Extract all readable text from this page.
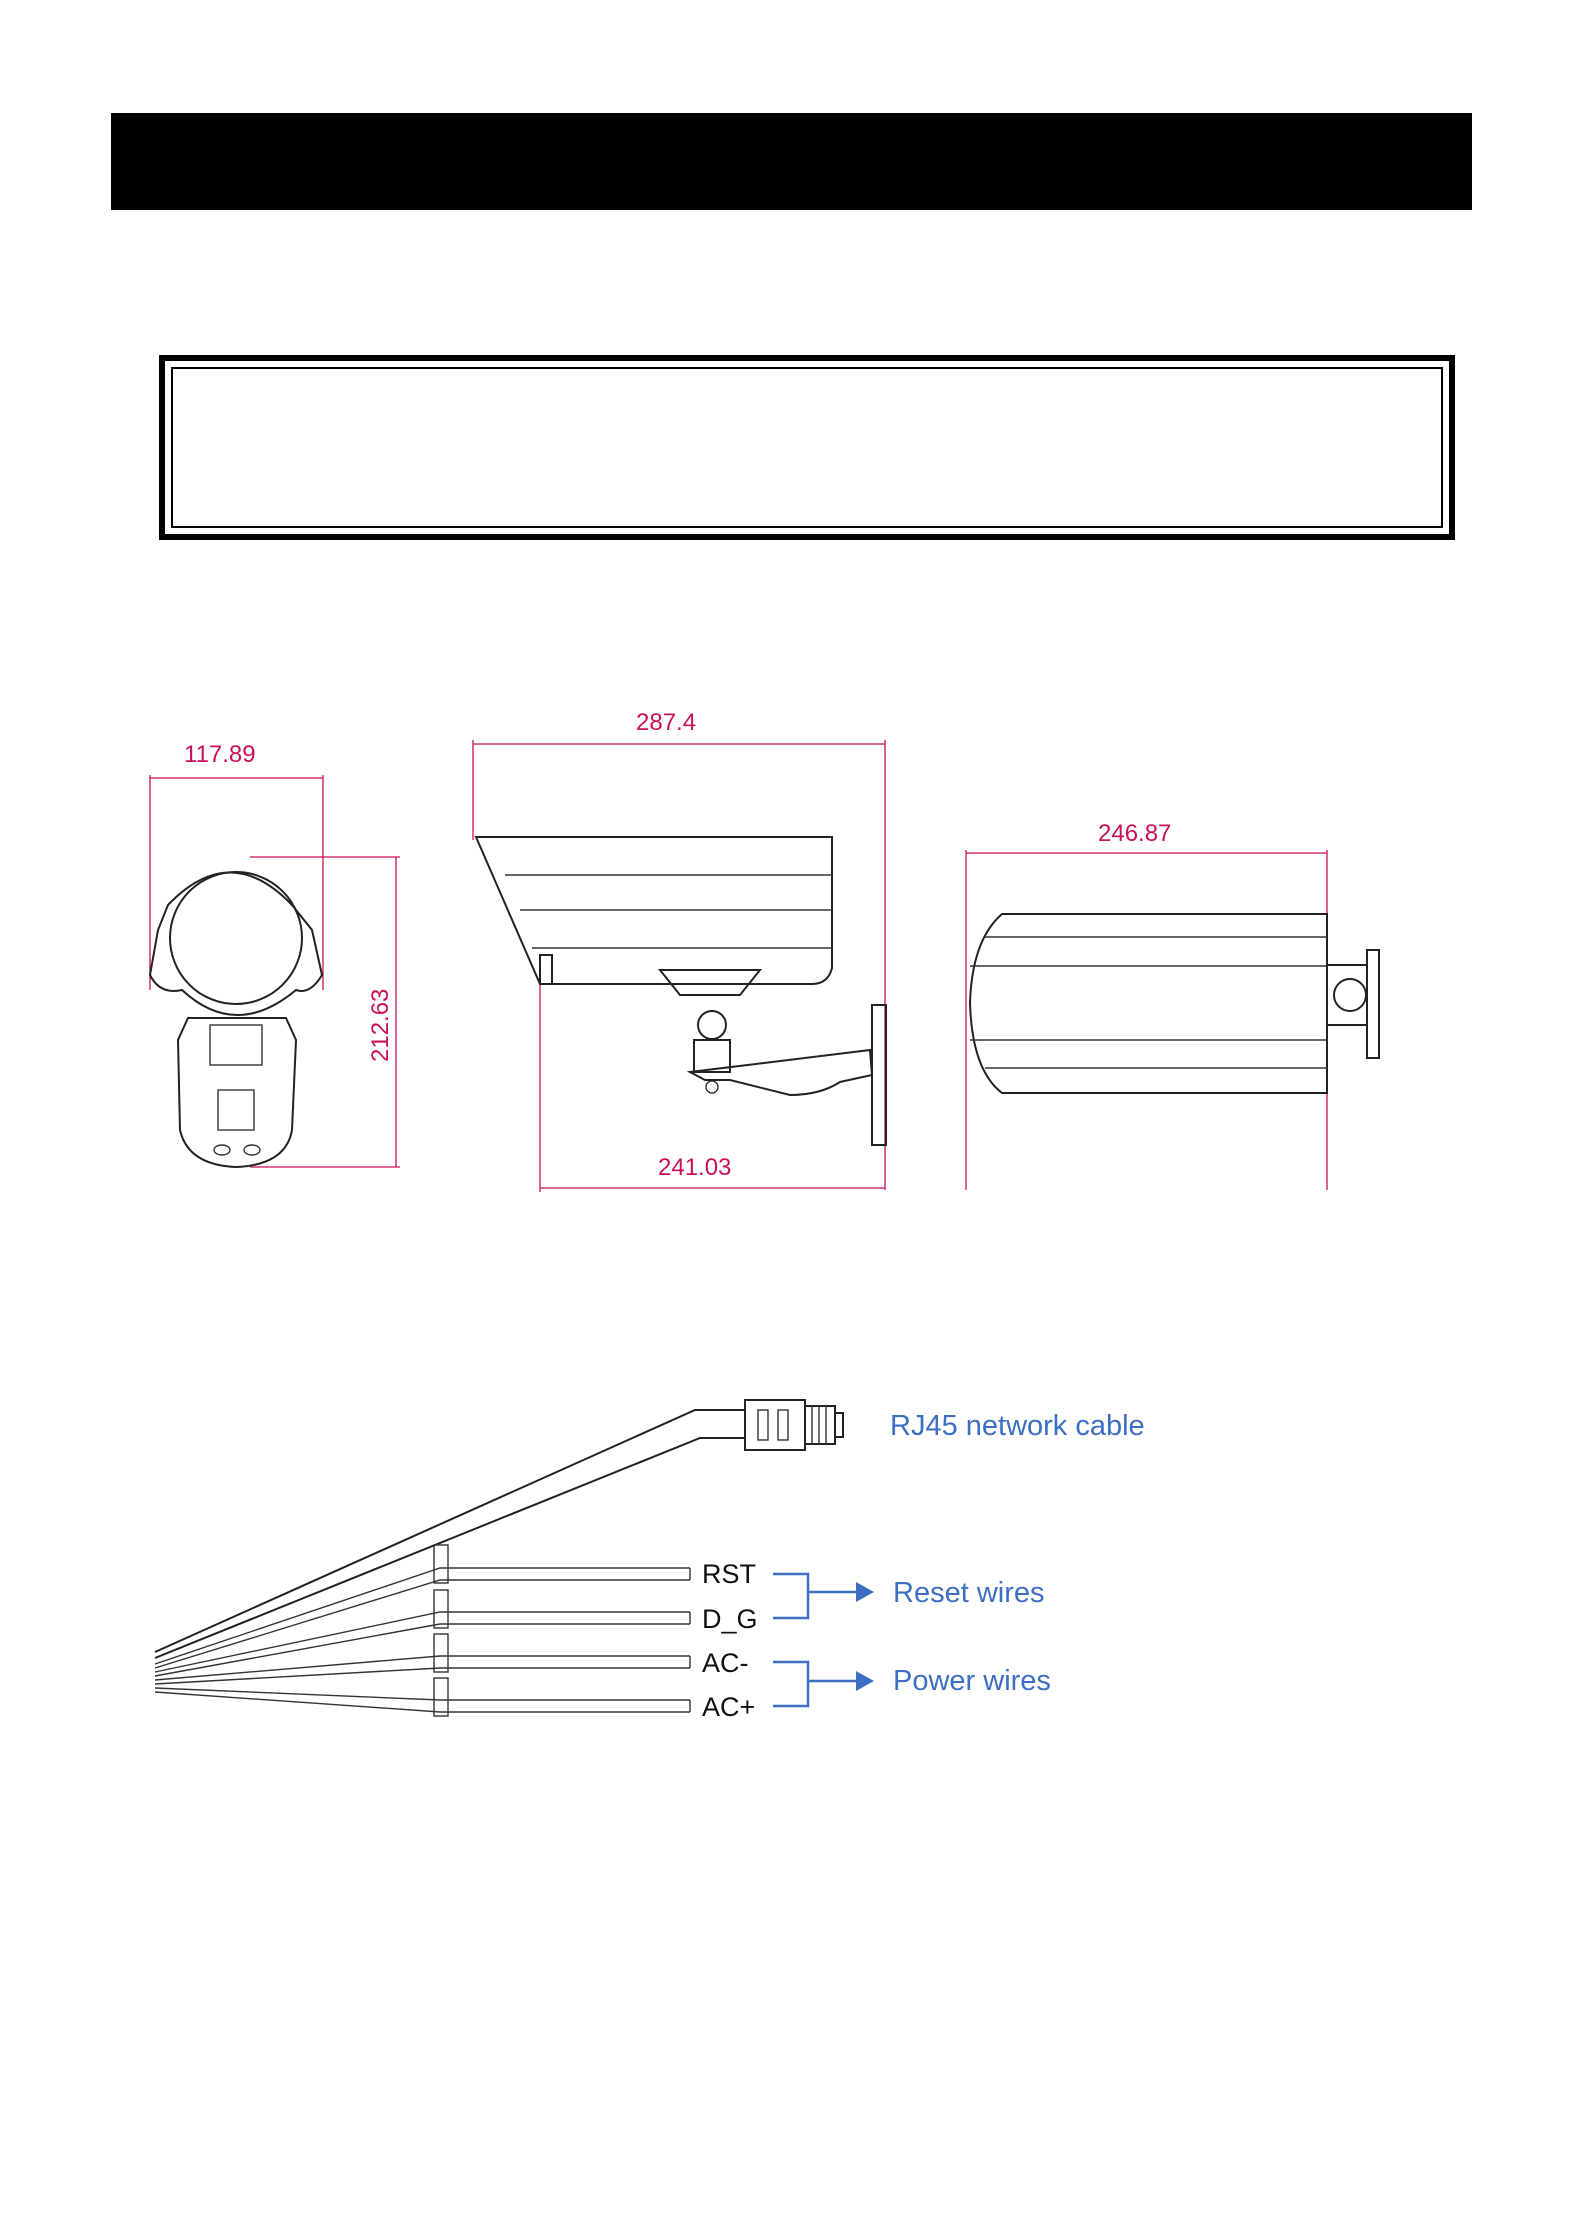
117.89
212.63
287.4
241.03
246.87
RJ45 network cable
RST
D_G
AC-
AC+
Reset wires
Power wires
